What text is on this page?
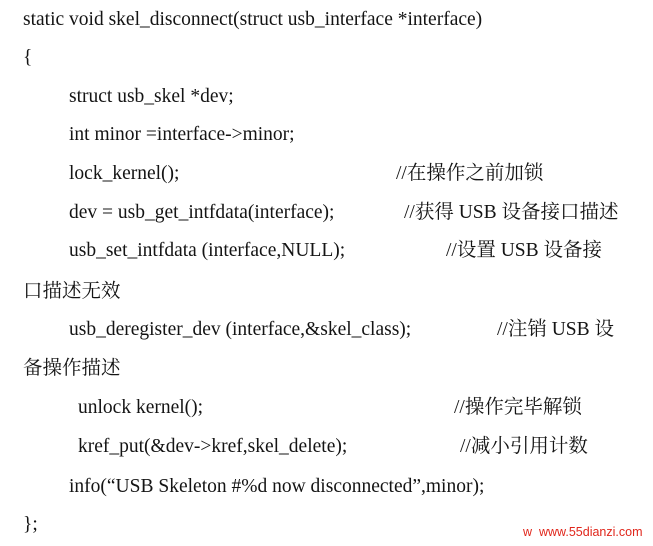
static void skel_disconnect(struct usb_interface *interface)
{
struct usb_skel *dev;
int minor =interface->minor;
lock_kernel();	//在操作之前加锁
dev = usb_get_intfdata(interface);	//获得 USB 设备接口描述
usb_set_intfdata (interface,NULL);	//设置 USB 设备接
口描述无效
usb_deregister_dev (interface,&skel_class);	//注销 USB 设
备操作描述
unlock kernel();	//操作完毕解锁
kref_put(&dev->kref,skel_delete);	//减小引用计数
info(“USB Skeleton #%d now disconnected”,minor);
};	w  www.55dianzi.com
